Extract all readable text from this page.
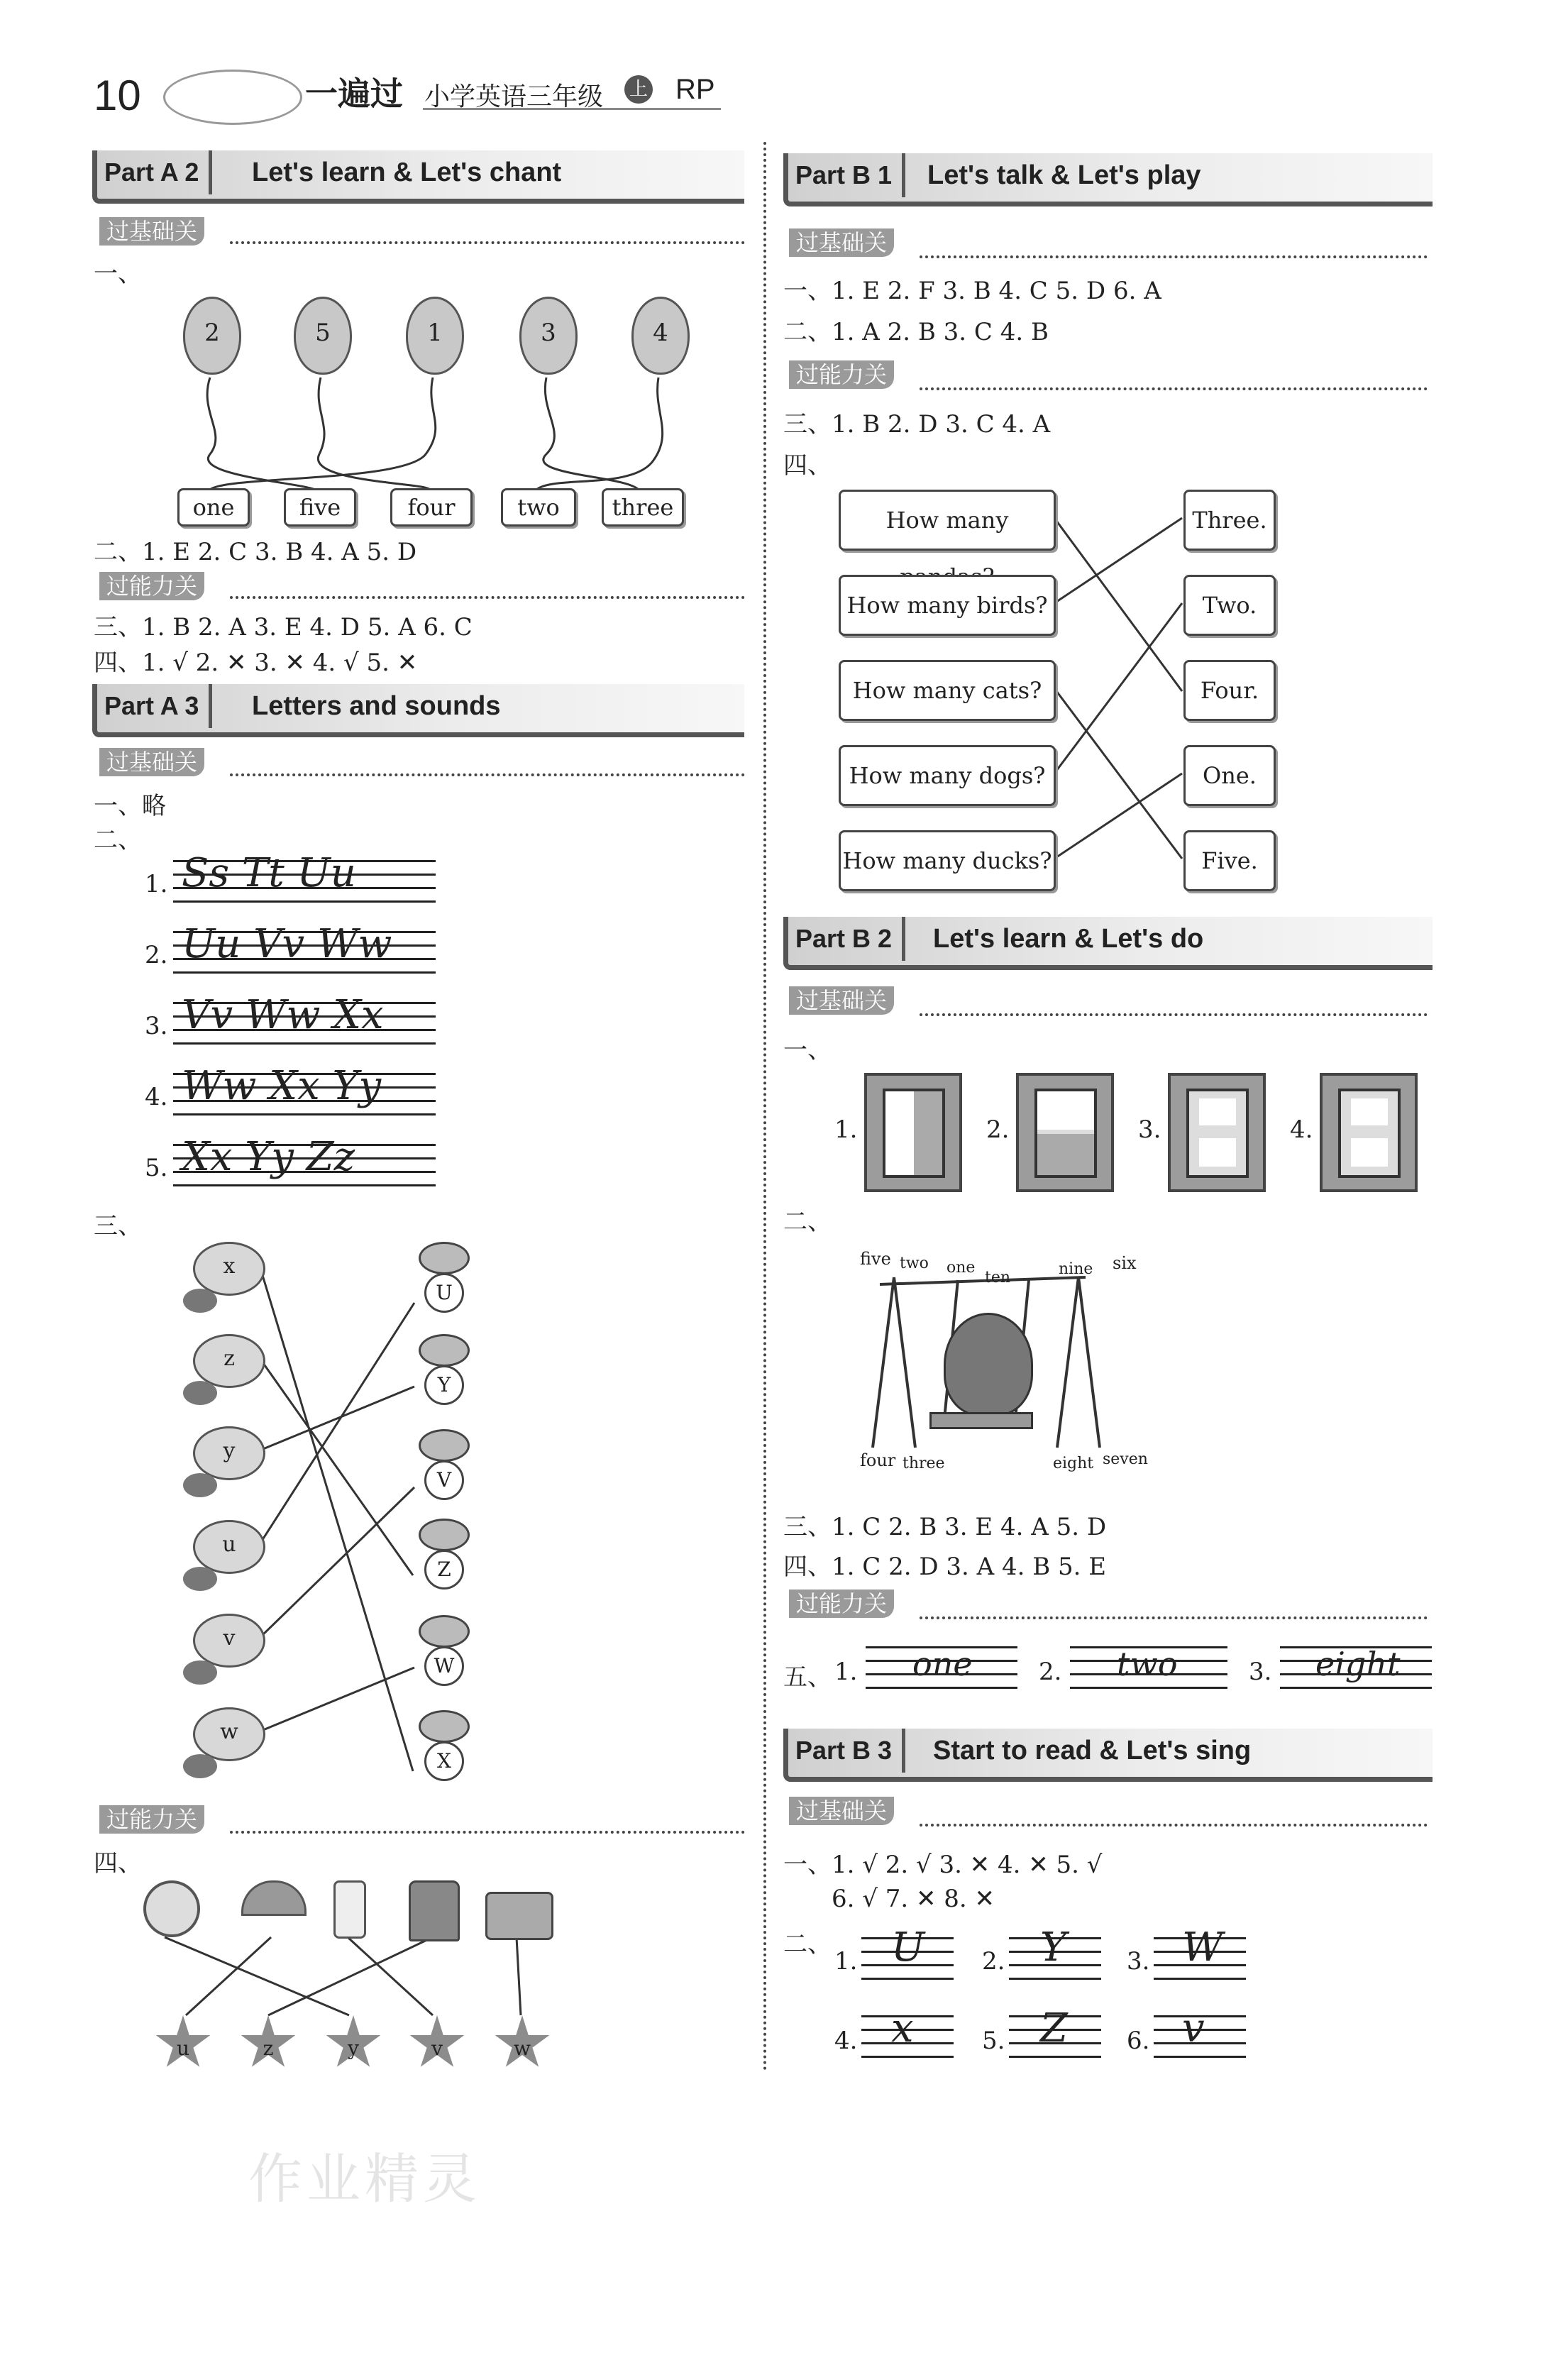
10	一遍过 小学英语三年级 上 RP
Part A 2	Let's learn & Let's chant
过基础关
一、
2	5	1	3	4
one	five	four	two	three
二、1. E 2. C 3. B 4. A 5. D
过能力关
三、1. B 2. A 3. E 4. D 5. A 6. C
四、1. √ 2. ✕ 3. ✕ 4. √ 5. ✕
Part A 3	Letters and sounds
过基础关
一、略
二、
1. Ss Tt Uu
2. Uu Vv Ww
3. Vv Ww Xx
4. Ww Xx Yy
5. Xx Yy Zz
三、
x
z
y
u
v
w
U
Y
V
Z
W
X
过能力关
四、
u	z	y	v	w
Part B 1	Let's talk & Let's play
过基础关
一、1. E 2. F 3. B 4. C 5. D 6. A
二、1. A 2. B 3. C 4. B
过能力关
三、1. B 2. D 3. C 4. A
四、
How many
How many birds?
How many cats?
How many dogs?
How many ducks?
Three.
Two.
Four.
One.
Five.
Part B 2	Let's learn & Let's do
过基础关
一、
1.	2.	3.	4.
二、
five two one
ten	nine six
four three	eight seven
三、1. C 2. B 3. E 4. A 5. D
四、1. C 2. D 3. A 4. B 5. E
过能力关
五、 1. one	2. two	3. eight
Part B 3	Start to read & Let's sing
过基础关
一、1. √ 2. √ 3. ✕ 4. ✕ 5. √
6. √ 7. ✕ 8. ✕
二、
1. U 2. Y	3. W
4. x	5. Z 6. v
作业精灵
